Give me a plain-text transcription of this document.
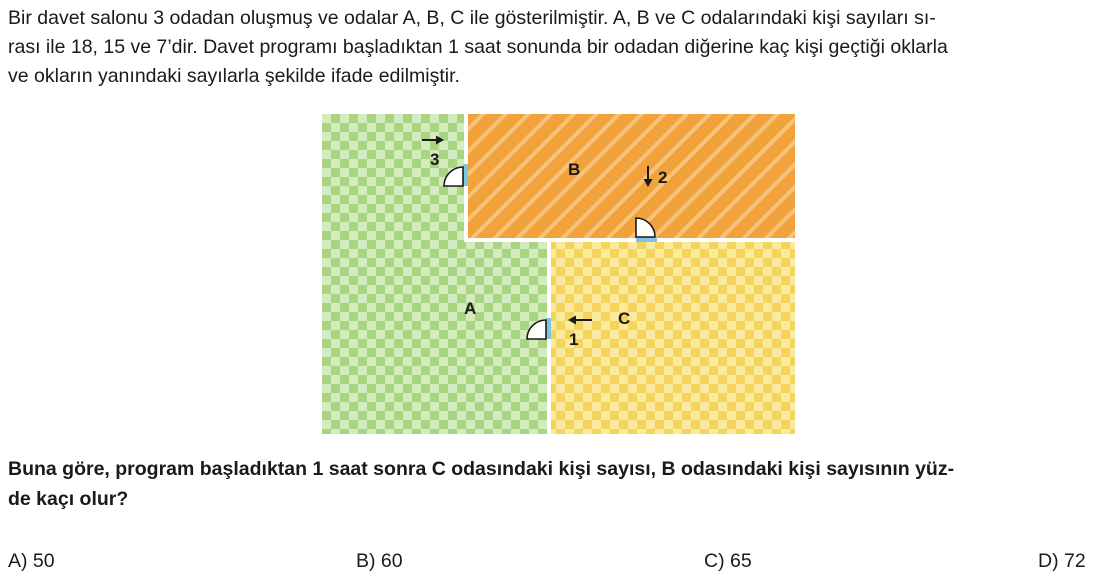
Bir davet salonu 3 odadan oluşmuş ve odalar A, B, C ile gösterilmiştir. A, B ve C odalarındaki kişi sayıları sı-
rası ile 18, 15 ve 7’dir. Davet programı başladıktan 1 saat sonunda bir odadan diğerine kaç kişi geçtiği oklarla
ve okların yanındaki sayılarla şekilde ifade edilmiştir.
A
B
C
3
2
1
Buna göre, program başladıktan 1 saat sonra C odasındaki kişi sayısı, B odasındaki kişi sayısının yüz-
de kaçı olur?
A) 50	B) 60	C) 65	D) 72
